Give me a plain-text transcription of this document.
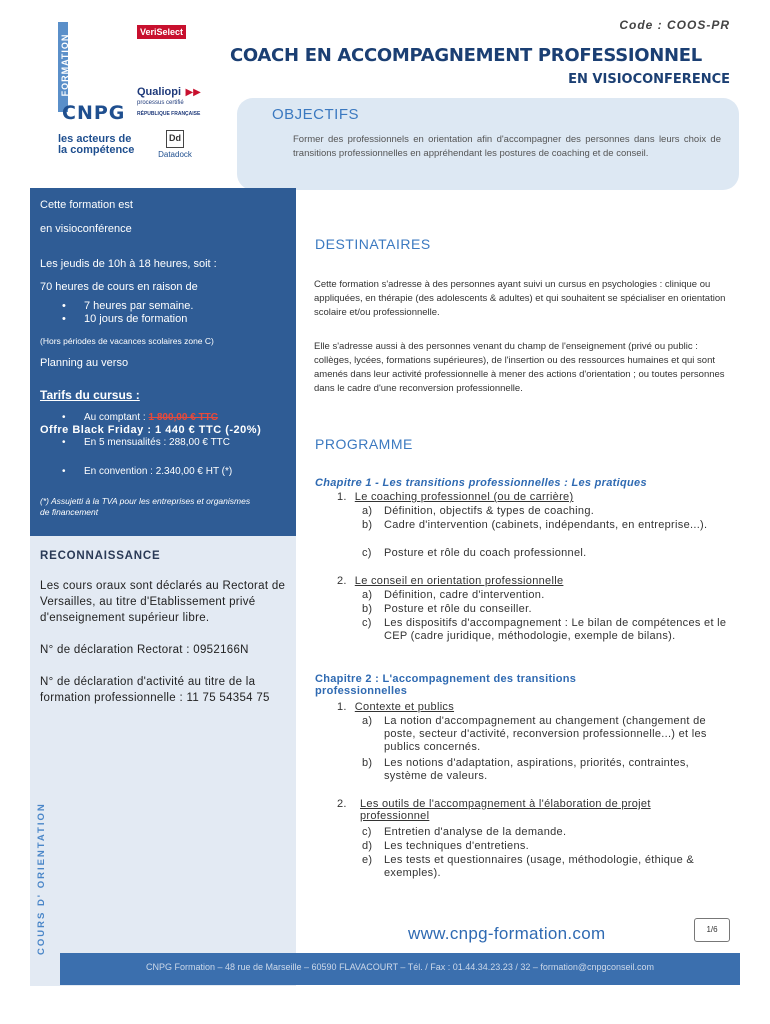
Code : COOS-PR
FORMATION
CNPG
les acteurs de
la compétence
VeriSelect
Qualiopi ▶▶
processus certifié
RÉPUBLIQUE FRANÇAISE
Dd
Datadock
COACH EN ACCOMPAGNEMENT PROFESSIONNEL
EN VISIOCONFERENCE
OBJECTIFS

Former des professionnels en orientation afin d'accompagner des personnes dans leurs choix de transitions professionnelles en appréhendant les postures de coaching et de conseil.

Cette formation est
en visioconférence
Les jeudis de 10h à 18 heures, soit :
70 heures de cours en raison de
• 7 heures par semaine.
• 10 jours de formation
(Hors périodes de vacances scolaires zone C)
Planning au verso
Tarifs du cursus :
• Au comptant : 1 800,00 € TTC
Offre Black Friday : 1 440 € TTC (-20%)
• En 5 mensualités : 288,00 € TTC
• En convention : 2.340,00 € HT (*)
(*) Assujetti à la TVA pour les entreprises et organismes de financement
RECONNAISSANCE

Les cours oraux sont déclarés au Rectorat de Versailles, au titre d'Etablissement privé d'enseignement supérieur libre.

N° de déclaration Rectorat : 0952166N

N° de déclaration d'activité au titre de la formation professionnelle : 11 75 54354 75

COURS D' ORIENTATION
DESTINATAIRES
Cette formation s'adresse à des personnes ayant suivi un cursus en psychologies : clinique ou appliquées, en thérapie (des adolescents & adultes) et qui souhaitent se spécialiser en orientation scolaire et/ou professionnelle.
Elle s'adresse aussi à des personnes venant du champ de l'enseignement (privé ou public : collèges, lycées, formations supérieures), de l'insertion ou des ressources humaines et qui sont amenés dans leur activité professionnelle à mener des actions d'orientation ; ou toutes personnes dans le cadre d'une reconversion professionnelle.
PROGRAMME
Chapitre 1 - Les transitions professionnelles : Les pratiques
1. Le coaching professionnel (ou de carrière)
a) Définition, objectifs & types de coaching.
b) Cadre d'intervention (cabinets, indépendants, en entreprise...).
c) Posture et rôle du coach professionnel.
2. Le conseil en orientation professionnelle
a) Définition, cadre d'intervention.
b) Posture et rôle du conseiller.
c) Les dispositifs d'accompagnement : Le bilan de compétences et le CEP (cadre juridique, méthodologie, exemple de bilans).
Chapitre 2 : L'accompagnement des transitions professionnelles
1. Contexte et publics
a) La notion d'accompagnement au changement (changement de poste, secteur d'activité, reconversion professionnelle...) et les publics concernés.
b) Les notions d'adaptation, aspirations, priorités, contraintes, système de valeurs.
2. Les outils de l'accompagnement à l'élaboration de projet professionnel
c) Entretien d'analyse de la demande.
d) Les techniques d'entretiens.
e) Les tests et questionnaires (usage, méthodologie, éthique & exemples).
www.cnpg-formation.com	1/6
CNPG Formation – 48 rue de Marseille – 60590 FLAVACOURT – Tél. / Fax : 01.44.34.23.23 / 32 – formation@cnpgconseil.com
